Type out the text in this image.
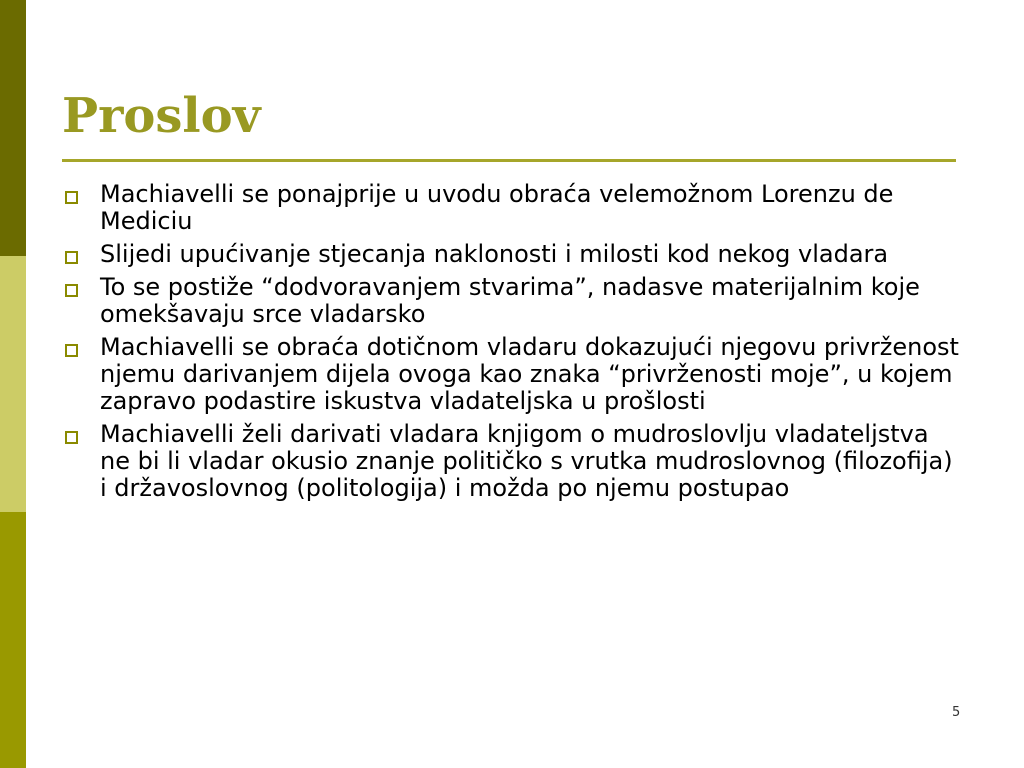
Proslov
Machiavelli se ponajprije u uvodu obraća velemožnom Lorenzu de Mediciu
Slijedi upućivanje stjecanja naklonosti i milosti kod nekog vladara
To se postiže “dodvoravanjem stvarima”, nadasve materijalnim koje omekšavaju srce vladarsko
Machiavelli se obraća dotičnom vladaru dokazujući njegovu privrženost njemu darivanjem dijela ovoga kao znaka “privrženosti moje”, u kojem zapravo podastire iskustva vladateljska u prošlosti
Machiavelli želi darivati vladara knjigom o mudroslovlju vladateljstva ne bi li vladar okusio znanje političko s vrutka mudroslovnog (filozofija) i državoslovnog (politologija) i možda po njemu postupao
5
